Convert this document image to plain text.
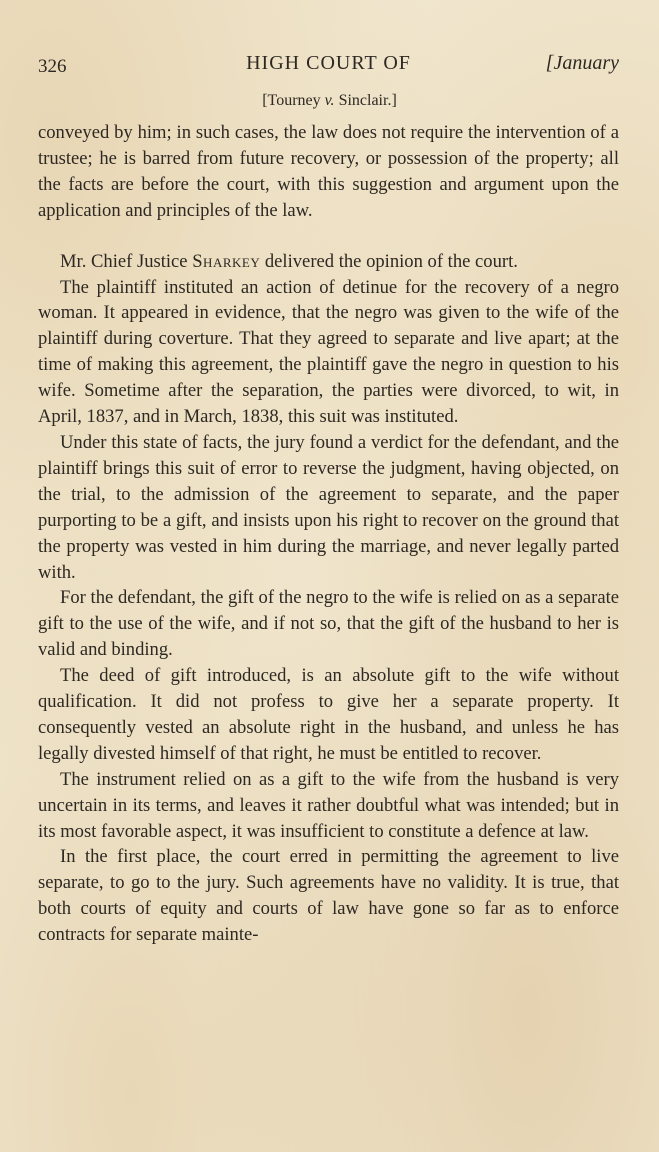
326	HIGH COURT OF	[January
[Tourney v. Sinclair.]

conveyed by him; in such cases, the law does not require the intervention of a trustee; he is barred from future recovery, or possession of the property; all the facts are before the court, with this suggestion and argument upon the application and principles of the law.

Mr. Chief Justice Sharkey delivered the opinion of the court.

The plaintiff instituted an action of detinue for the recovery of a negro woman. It appeared in evidence, that the negro was given to the wife of the plaintiff during coverture. That they agreed to separate and live apart; at the time of making this agreement, the plaintiff gave the negro in question to his wife. Sometime after the separation, the parties were divorced, to wit, in April, 1837, and in March, 1838, this suit was instituted.

Under this state of facts, the jury found a verdict for the defendant, and the plaintiff brings this suit of error to reverse the judgment, having objected, on the trial, to the admission of the agreement to separate, and the paper purporting to be a gift, and insists upon his right to recover on the ground that the property was vested in him during the marriage, and never legally parted with.

For the defendant, the gift of the negro to the wife is relied on as a separate gift to the use of the wife, and if not so, that the gift of the husband to her is valid and binding.

The deed of gift introduced, is an absolute gift to the wife without qualification. It did not profess to give her a separate property. It consequently vested an absolute right in the husband, and unless he has legally divested himself of that right, he must be entitled to recover.

The instrument relied on as a gift to the wife from the husband is very uncertain in its terms, and leaves it rather doubtful what was intended; but in its most favorable aspect, it was insufficient to constitute a defence at law.

In the first place, the court erred in permitting the agreement to live separate, to go to the jury. Such agreements have no validity. It is true, that both courts of equity and courts of law have gone so far as to enforce contracts for separate mainte-
